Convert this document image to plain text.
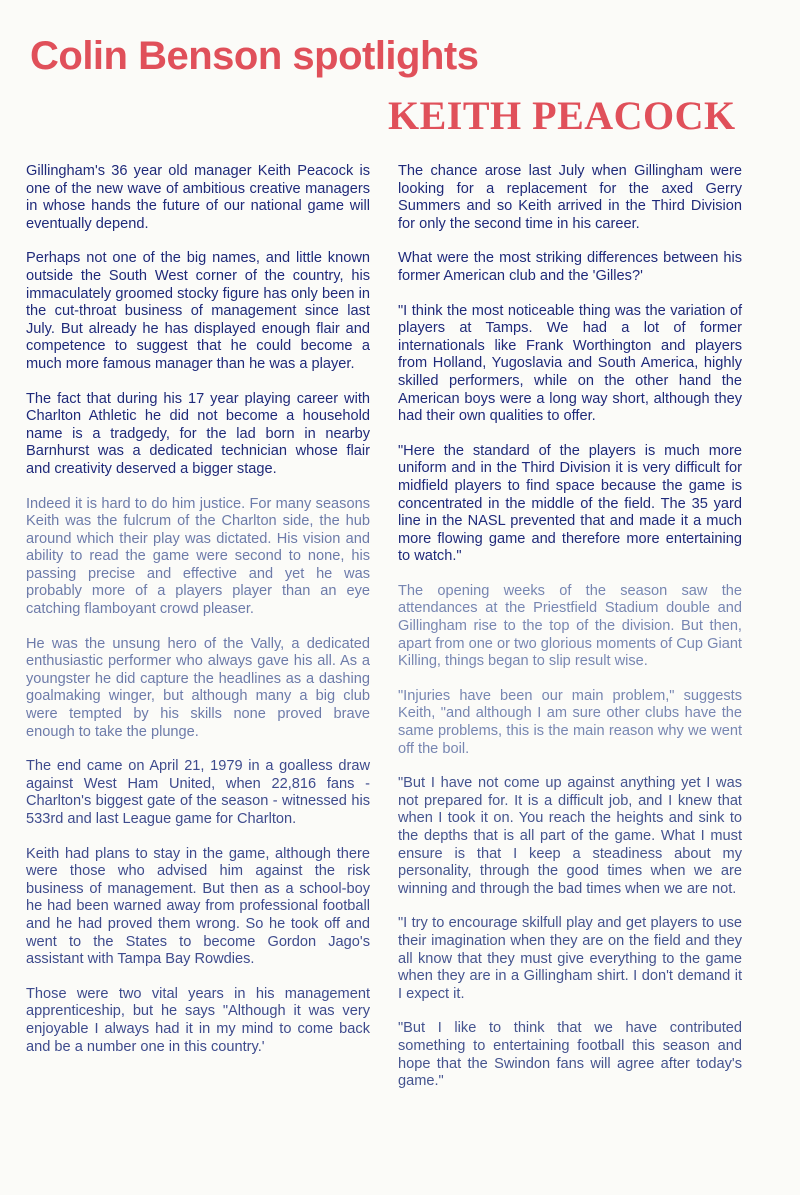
Colin Benson spotlights
KEITH PEACOCK

Gillingham's 36 year old manager Keith Peacock is one of the new wave of ambitious creative managers in whose hands the future of our national game will eventually depend.

Perhaps not one of the big names, and little known outside the South West corner of the country, his immaculately groomed stocky figure has only been in the cut-throat business of management since last July. But already he has displayed enough flair and competence to suggest that he could become a much more famous manager than he was a player.

The fact that during his 17 year playing career with Charlton Athletic he did not become a household name is a tradgedy, for the lad born in nearby Barnhurst was a dedicated technician whose flair and creativity deserved a bigger stage.

Indeed it is hard to do him justice. For many seasons Keith was the fulcrum of the Charlton side, the hub around which their play was dictated. His vision and ability to read the game were second to none, his passing precise and effective and yet he was probably more of a players player than an eye catching flamboyant crowd pleaser.

He was the unsung hero of the Vally, a dedicated enthusiastic performer who always gave his all. As a youngster he did capture the headlines as a dashing goalmaking winger, but although many a big club were tempted by his skills none proved brave enough to take the plunge.

The end came on April 21, 1979 in a goalless draw against West Ham United, when 22,816 fans - Charlton's biggest gate of the season - witnessed his 533rd and last League game for Charlton.

Keith had plans to stay in the game, although there were those who advised him against the risk business of management. But then as a school-boy he had been warned away from professional football and he had proved them wrong. So he took off and went to the States to become Gordon Jago's assistant with Tampa Bay Rowdies.

Those were two vital years in his management apprenticeship, but he says "Although it was very enjoyable I always had it in my mind to come back and be a number one in this country.'

The chance arose last July when Gillingham were looking for a replacement for the axed Gerry Summers and so Keith arrived in the Third Division for only the second time in his career.

What were the most striking differences between his former American club and the 'Gilles?'

"I think the most noticeable thing was the variation of players at Tamps. We had a lot of former internationals like Frank Worthington and players from Holland, Yugoslavia and South America, highly skilled performers, while on the other hand the American boys were a long way short, although they had their own qualities to offer.

"Here the standard of the players is much more uniform and in the Third Division it is very difficult for midfield players to find space because the game is concentrated in the middle of the field. The 35 yard line in the NASL prevented that and made it a much more flowing game and therefore more entertaining to watch."

The opening weeks of the season saw the attendances at the Priestfield Stadium double and Gillingham rise to the top of the division. But then, apart from one or two glorious moments of Cup Giant Killing, things began to slip result wise.

"Injuries have been our main problem," suggests Keith, "and although I am sure other clubs have the same problems, this is the main reason why we went off the boil.

"But I have not come up against anything yet I was not prepared for. It is a difficult job, and I knew that when I took it on. You reach the heights and sink to the depths that is all part of the game. What I must ensure is that I keep a steadiness about my personality, through the good times when we are winning and through the bad times when we are not.

"I try to encourage skilfull play and get players to use their imagination when they are on the field and they all know that they must give everything to the game when they are in a Gillingham shirt. I don't demand it I expect it.

"But I like to think that we have contributed something to entertaining football this season and hope that the Swindon fans will agree after today's game."
